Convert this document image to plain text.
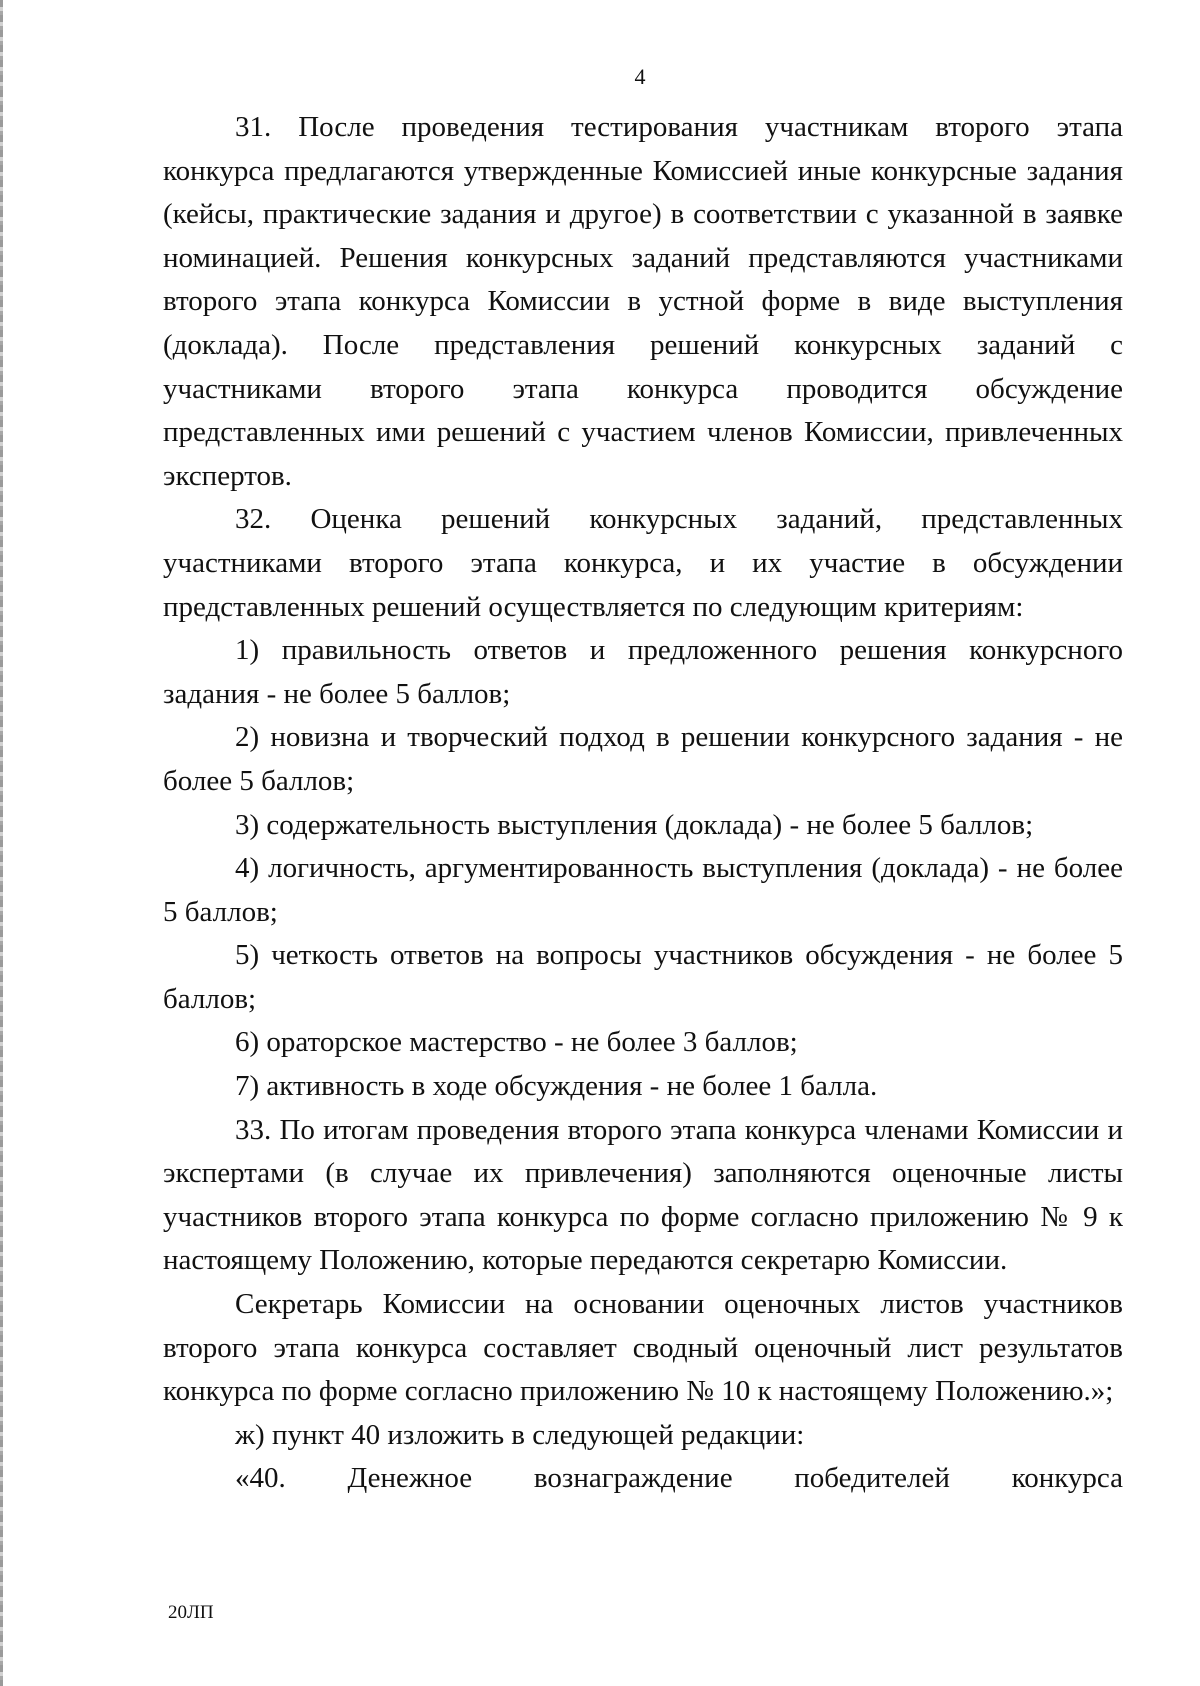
4

31. После проведения тестирования участникам второго этапа конкурса предлагаются утвержденные Комиссией иные конкурсные задания (кейсы, практические задания и другое) в соответствии с указанной в заявке номинацией. Решения конкурсных заданий представляются участниками второго этапа конкурса Комиссии в устной форме в виде выступления (доклада). После представления решений конкурсных заданий с участниками второго этапа конкурса проводится обсуждение представленных ими решений с участием членов Комиссии, привлеченных экспертов.

32. Оценка решений конкурсных заданий, представленных участниками второго этапа конкурса, и их участие в обсуждении представленных решений осуществляется по следующим критериям:

1) правильность ответов и предложенного решения конкурсного задания - не более 5 баллов;

2) новизна и творческий подход в решении конкурсного задания - не более 5 баллов;

3) содержательность выступления (доклада) - не более 5 баллов;

4) логичность, аргументированность выступления (доклада) - не более 5 баллов;

5) четкость ответов на вопросы участников обсуждения - не более 5 баллов;

6) ораторское мастерство - не более 3 баллов;

7) активность в ходе обсуждения - не более 1 балла.

33. По итогам проведения второго этапа конкурса членами Комиссии и экспертами (в случае их привлечения) заполняются оценочные листы участников второго этапа конкурса по форме согласно приложению № 9 к настоящему Положению, которые передаются секретарю Комиссии.

Секретарь Комиссии на основании оценочных листов участников второго этапа конкурса составляет сводный оценочный лист результатов конкурса по форме согласно приложению № 10 к настоящему Положению.»;

ж) пункт 40 изложить в следующей редакции:

«40. Денежное вознаграждение победителей конкурса

20ЛП
